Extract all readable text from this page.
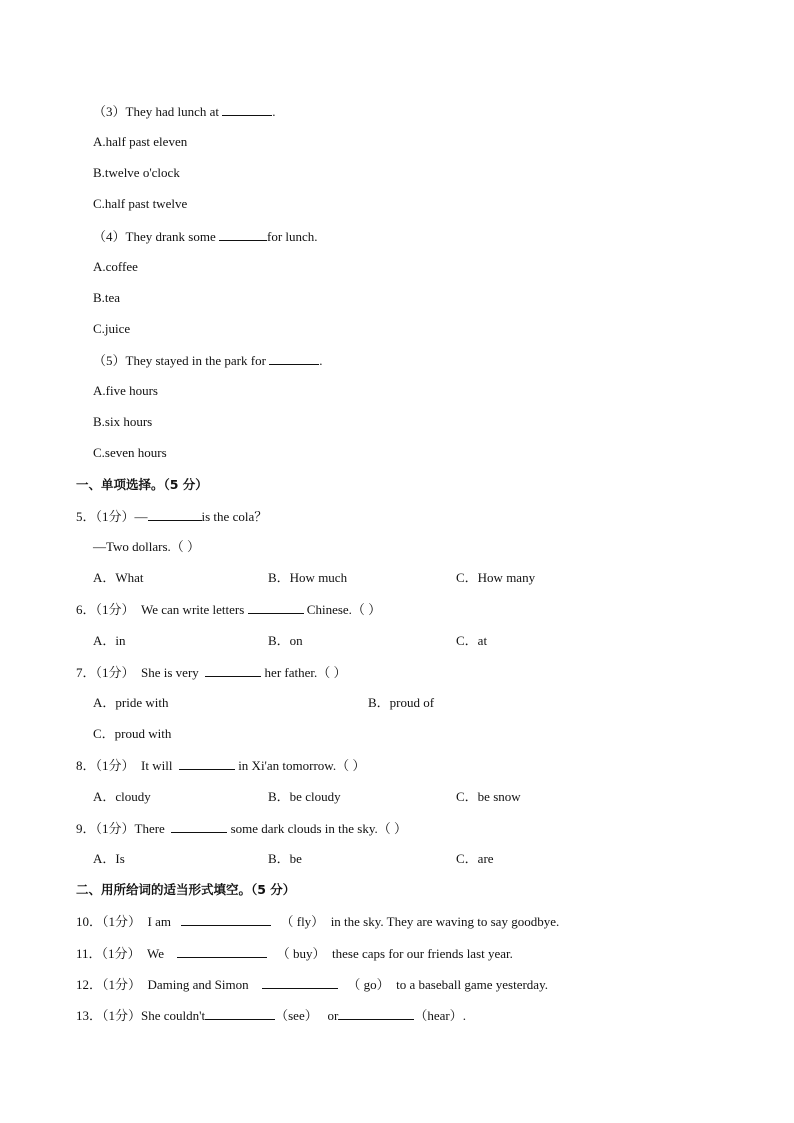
（3）They had lunch at	.
A.half past eleven
B.twelve o'clock
C.half past twelve
（4）They drank some	for lunch.
A.coffee
B.tea
C.juice
（5）They stayed in the park for	.
A.five hours
B.six hours
C.seven hours
一、单项选择。（5 分）
5．（1分）—	is the cola？
—Two dollars.（ ）
A．What	B．How much	C．How many
6．（1分） We can write letters	Chinese.（ ）
A．in	B．on	C．at
7．（1分） She is very	her father.（ ）
A．pride with	B．proud of
C．proud with
8．（1分） It will	in Xi'an tomorrow.（ ）
A．cloudy	B．be cloudy	C．be snow
9．（1分）There	some dark clouds in the sky.（ ）
A．Is	B．be	C．are
二、用所给词的适当形式填空。（5 分）
10．（1分） I am	（ fly） in the sky. They are waving to say goodbye.
11．（1分） We	（ buy） these caps for our friends last year.
12．（1分） Daming and Simon	（ go） to a baseball game yesterday.
13．（1分）She couldn't	（see） or	（hear）.
